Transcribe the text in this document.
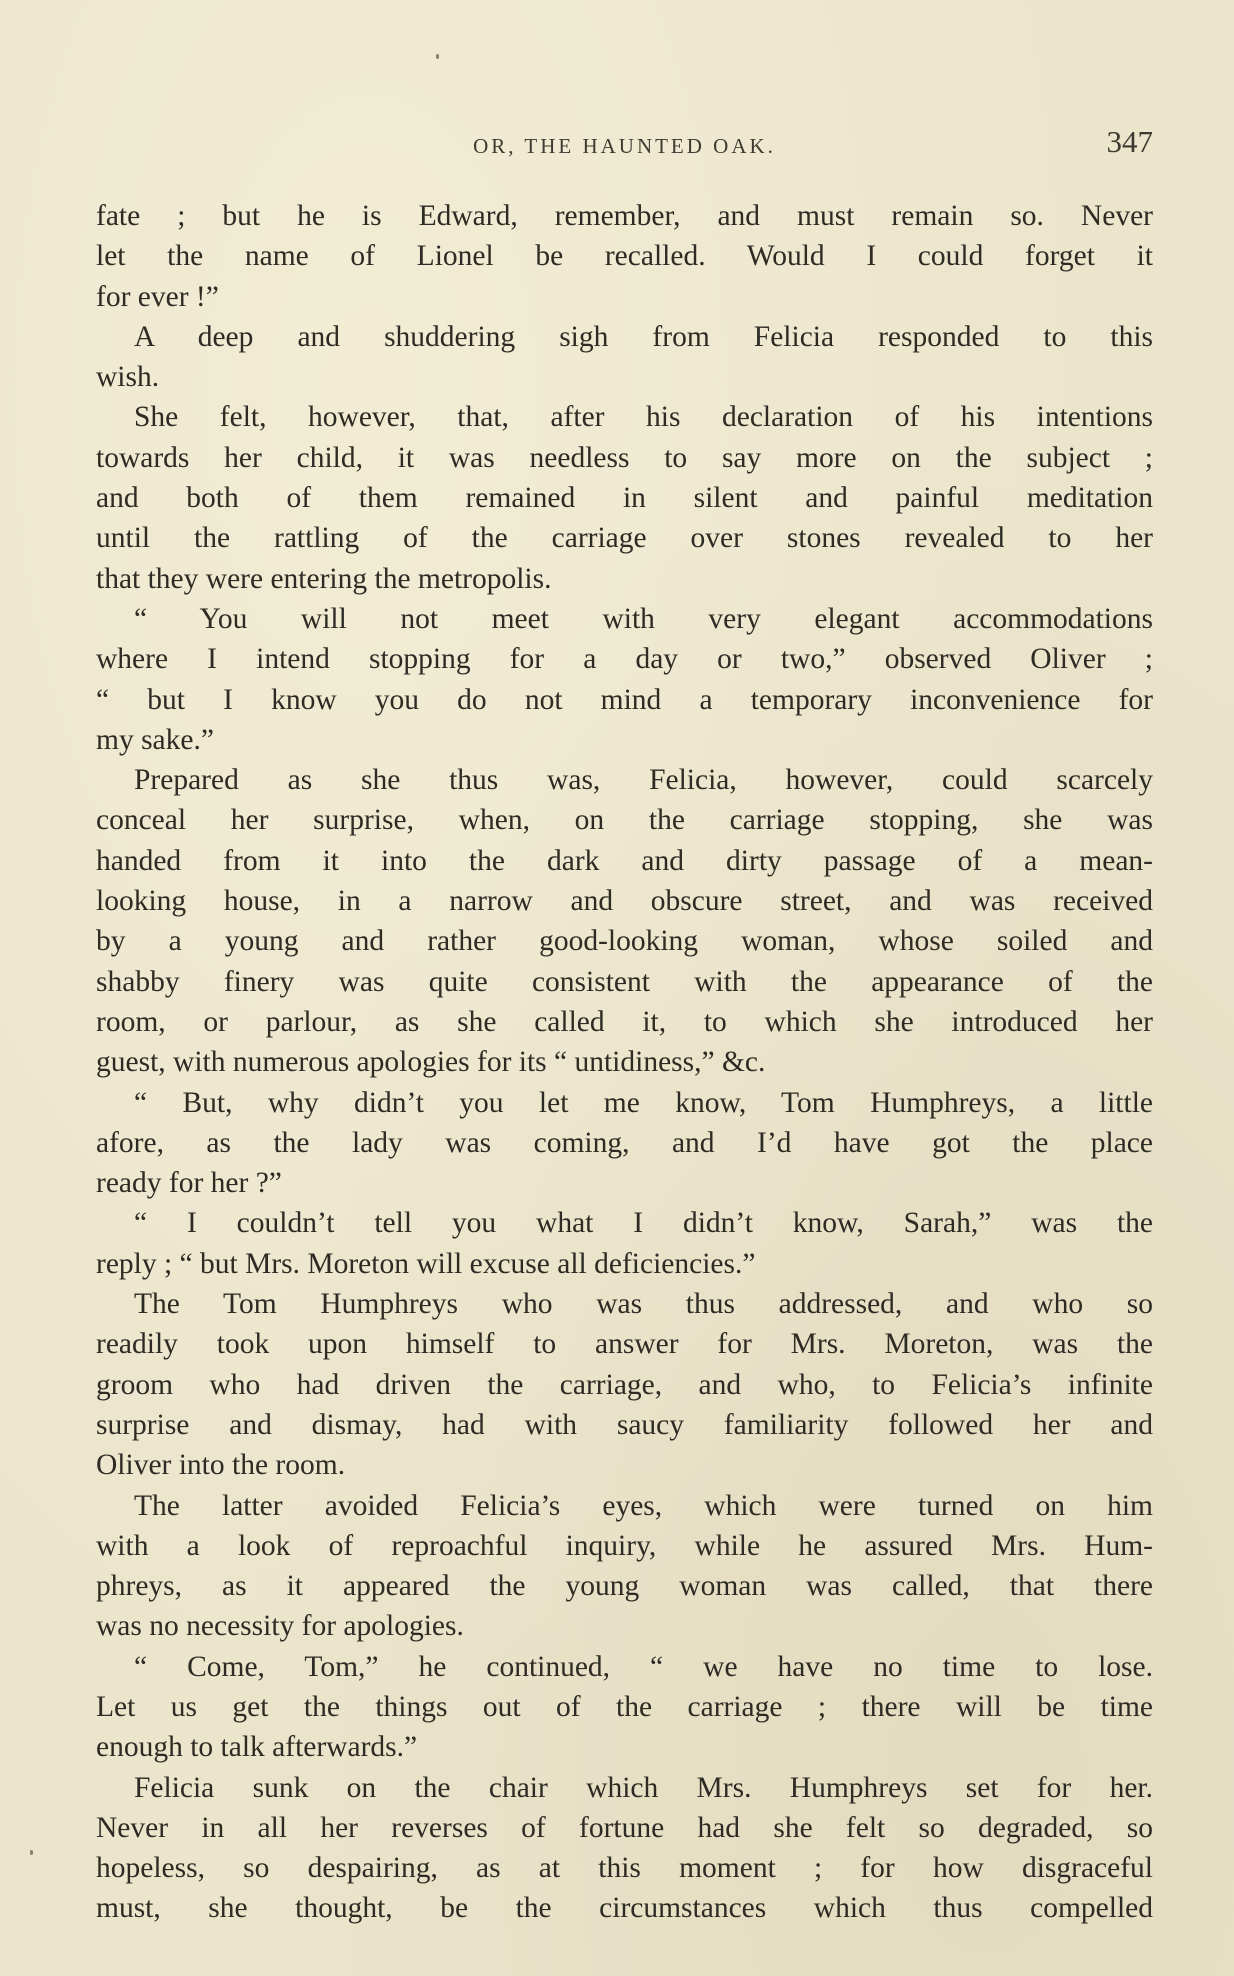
OR, THE HAUNTED OAK.	347

fate ; but he is Edward, remember, and must remain so. Never

let the name of Lionel be recalled. Would I could forget it

for ever !”

A deep and shuddering sigh from Felicia responded to this

wish.

She felt, however, that, after his declaration of his intentions

towards her child, it was needless to say more on the subject ;

and both of them remained in silent and painful meditation

until the rattling of the carriage over stones revealed to her

that they were entering the metropolis.

“ You will not meet with very elegant accommodations

where I intend stopping for a day or two,” observed Oliver ;

“ but I know you do not mind a temporary inconvenience for

my sake.”

Prepared as she thus was, Felicia, however, could scarcely

conceal her surprise, when, on the carriage stopping, she was

handed from it into the dark and dirty passage of a mean-

looking house, in a narrow and obscure street, and was received

by a young and rather good-looking woman, whose soiled and

shabby finery was quite consistent with the appearance of the

room, or parlour, as she called it, to which she introduced her

guest, with numerous apologies for its “ untidiness,” &c.

“ But, why didn’t you let me know, Tom Humphreys, a little

afore, as the lady was coming, and I’d have got the place

ready for her ?”

“ I couldn’t tell you what I didn’t know, Sarah,” was the

reply ; “ but Mrs. Moreton will excuse all deficiencies.”

The Tom Humphreys who was thus addressed, and who so

readily took upon himself to answer for Mrs. Moreton, was the

groom who had driven the carriage, and who, to Felicia’s infinite

surprise and dismay, had with saucy familiarity followed her and

Oliver into the room.

The latter avoided Felicia’s eyes, which were turned on him

with a look of reproachful inquiry, while he assured Mrs. Hum-

phreys, as it appeared the young woman was called, that there

was no necessity for apologies.

“ Come, Tom,” he continued, “ we have no time to lose.

Let us get the things out of the carriage ; there will be time

enough to talk afterwards.”

Felicia sunk on the chair which Mrs. Humphreys set for her.

Never in all her reverses of fortune had she felt so degraded, so

hopeless, so despairing, as at this moment ; for how disgraceful

must, she thought, be the circumstances which thus compelled
